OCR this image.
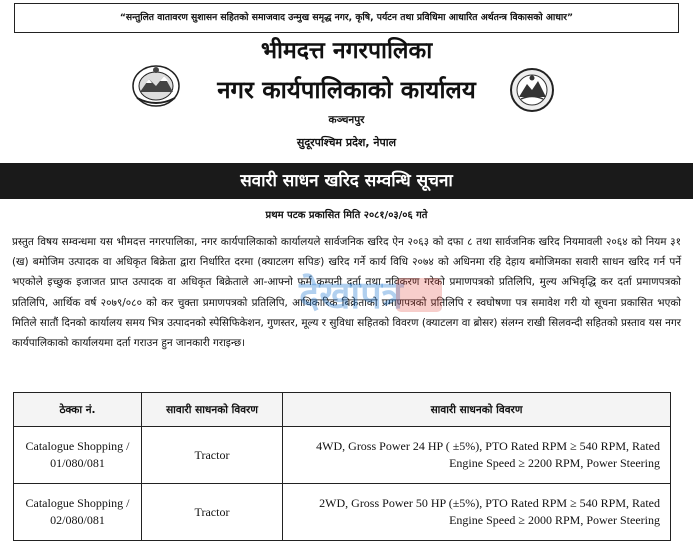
“सन्तुलित वातावरण सुशासन सहितको समाजवाद उन्मुख समृद्ध नगर, कृषि, पर्यटन तथा प्रविधिमा आधारित अर्थतन्त्र विकासको आधार”
भीमदत्त नगरपालिका
नगर कार्यपालिकाको कार्यालय
कञ्चनपुर
सुदूरपश्चिम प्रदेश, नेपाल
सवारी साधन खरिद सम्वन्धि सूचना
प्रथम पटक प्रकासित मिति २०८१/०३/०६ गते
प्रस्तुत विषय सम्वन्धमा यस भीमदत्त नगरपालिका, नगर कार्यपालिकाको कार्यालयले सार्वजनिक खरिद ऐन २०६३ को दफा ८ तथा सार्वजनिक खरिद नियमावली २०६४ को नियम ३१ (ख) बमोजिम उत्पादक वा अधिकृत बिक्रेता द्वारा निर्धारित दरमा (क्याटलग सपिङ) खरिद गर्ने कार्य विधि २०७४ को अधिनमा रहि देहाय बमोजिमका सवारी साधन खरिद गर्न पर्ने भएकोले इच्छुक इजाजत प्राप्त उत्पादक वा अधिकृत बिक्रेताले आ-आफ्नो फर्म कम्पनी दर्ता तथा नविकरण गरेको प्रमाणपत्रको प्रतिलिपि, मुल्य अभिवृद्धि कर दर्ता प्रमाणपत्रको प्रतिलिपि, आर्थिक वर्ष २०७९/०८० को कर चुक्ता प्रमाणपत्रको प्रतिलिपि, आधिकारिक बिक्रेताको प्रमाणपत्रको प्रतिलिपि र स्वघोषणा पत्र समावेश गरी यो सूचना प्रकासित भएको मितिले सातौं दिनको कार्यालय समय भित्र उत्पादनको स्पेसिफिकेशन, गुणस्तर, मूल्य र सुविधा सहितको विवरण (क्याटलग वा ब्रोसर) संलग्न राखी सिलवन्दी सहितको प्रस्ताव यस नगर कार्यपालिकाको कार्यालयमा दर्ता गराउन हुन जानकारी गराइन्छ।
देखापत्र
ठेक्का नं.	सावारी साधनको विवरण	सावारी साधनको विवरण
Catalogue Shopping / 01/080/081	Tractor	4WD, Gross Power 24 HP ( ±5%), PTO Rated RPM ≥ 540 RPM, Rated
Engine Speed ≥ 2200 RPM, Power Steering
Catalogue Shopping / 02/080/081	Tractor	2WD, Gross Power 50 HP (±5%), PTO Rated RPM ≥ 540 RPM, Rated
Engine Speed ≥ 2000 RPM, Power Steering
